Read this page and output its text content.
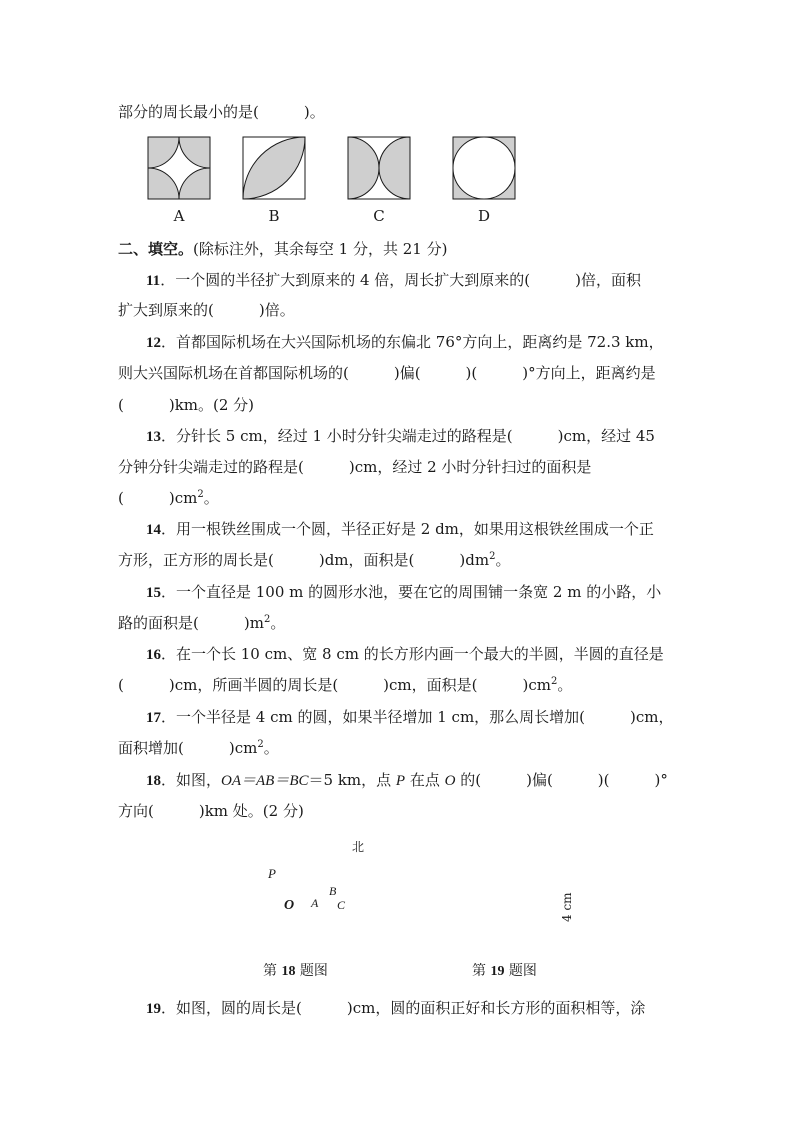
部分的周长最小的是(　　　)。
A	B	C	D
二、填空。(除标注外，其余每空 1 分，共 21 分)
11．一个圆的半径扩大到原来的 4 倍，周长扩大到原来的(　　　)倍，面积
扩大到原来的(　　　)倍。
12．首都国际机场在大兴国际机场的东偏北 76°方向上，距离约是 72.3 km，
则大兴国际机场在首都国际机场的(　　　)偏(　　　)(　　　)°方向上，距离约是
(　　　)km。(2 分)
13．分针长 5 cm，经过 1 小时分针尖端走过的路程是(　　　)cm，经过 45
分钟分针尖端走过的路程是(　　　)cm，经过 2 小时分针扫过的面积是
(　　　)$cm^2$。
14．用一根铁丝围成一个圆，半径正好是 2 dm，如果用这根铁丝围成一个正
方形，正方形的周长是(　　　)dm，面积是(　　　)$dm^2$。
15．一个直径是 100 m 的圆形水池，要在它的周围铺一条宽 2 m 的小路，小
路的面积是(　　　)$m^2$。
16．在一个长 10 cm、宽 8 cm 的长方形内画一个最大的半圆，半圆的直径是
(　　　)cm，所画半圆的周长是(　　　)cm，面积是(　　　)$cm^2$。
17．一个半径是 4 cm 的圆，如果半径增加 1 cm，那么周长增加(　　　)cm，
面积增加(　　　)$cm^2$。
18．如图，OA＝AB＝BC＝5 km，点 P 在点 O 的(　　　)偏(　　　)(　　　)°
方向(　　　)km 处。(2 分)
北
P
O A
B
C	4 cm
第 18 题图	第 19 题图
19．如图，圆的周长是(　　　)cm，圆的面积正好和长方形的面积相等，涂
